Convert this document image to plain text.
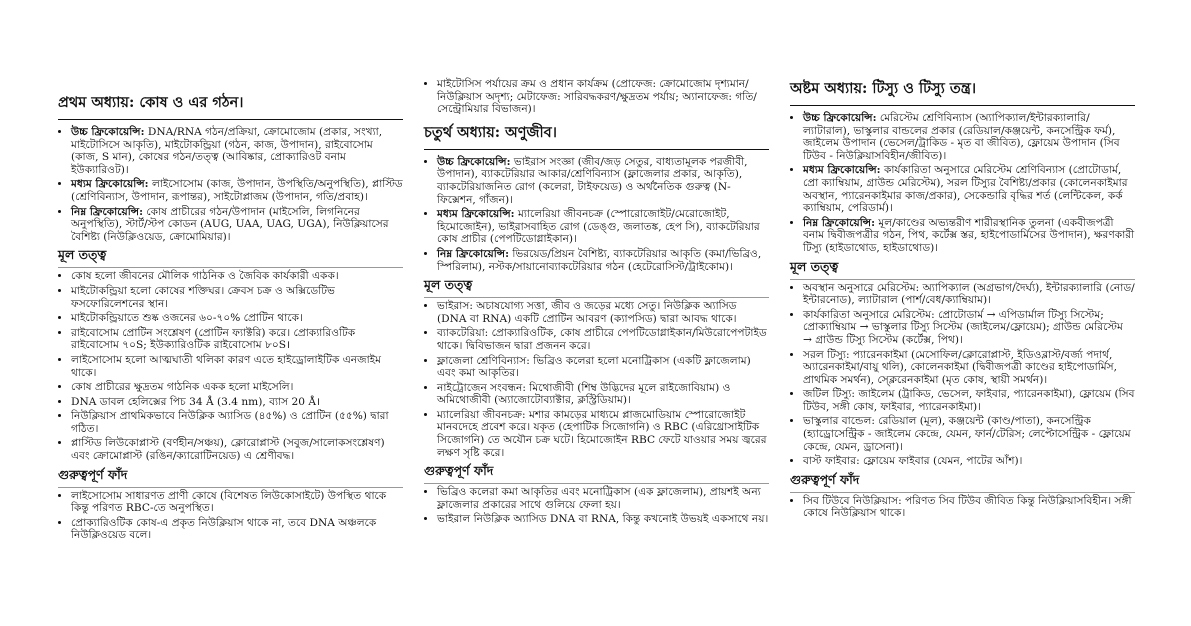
প্রথম অধ্যায়: কোষ ও এর গঠন।
• উচ্চ ফ্রিকোয়েন্সি: DNA/RNA গঠন/প্রক্রিয়া, ক্রোমোজোম (প্রকার, সংখ্যা, মাইটোসিসে আকৃতি), মাইটোকন্ড্রিয়া (গঠন, কাজ, উপাদান), রাইবোসোম (কাজ, S মান), কোষের গঠন/তত্ত্ব (আবিষ্কার, প্রোক্যারিওট বনাম ইউক্যারিওট)।
• মধ্যম ফ্রিকোয়েন্সি: লাইসোসোম (কাজ, উপাদান, উপস্থিতি/অনুপস্থিতি), প্লাস্টিড (শ্রেণিবিন্যাস, উপাদান, রূপান্তর), সাইটোপ্লাজম (উপাদান, গতি/প্রবাহ)।
• নিম্ন ফ্রিকোয়েন্সি: কোষ প্রাচীরের গঠন/উপাদান (মাইসেলি, লিগনিনের অনুপস্থিতি), স্টার্ট/স্টপ কোডন (AUG, UAA, UAG, UGA), নিউক্লিয়াসের বৈশিষ্ট্য (নিউক্লিওয়েড, ক্রোমোমিয়ার)।
মূল তত্ত্ব
• কোষ হলো জীবনের মৌলিক গাঠনিক ও জৈবিক কার্যকারী একক।
• মাইটোকন্ড্রিয়া হলো কোষের শক্তিঘর। ক্রেবস চক্র ও অক্সিডেটিভ ফসফোরিলেশনের স্থান।
• মাইটোকন্ড্রিয়াতে শুষ্ক ওজনের ৬০-৭০% প্রোটিন থাকে।
• রাইবোসোম প্রোটিন সংশ্লেষণ (প্রোটিন ফ্যাক্টরি) করে। প্রোক্যারিওটিক রাইবোসোম ৭০S; ইউক্যারিওটিক রাইবোসোম ৮০S।
• লাইসোসোম হলো আত্মঘাতী থলিকা কারণ এতে হাইড্রোলাইটিক এনজাইম থাকে।
• কোষ প্রাচীরের ক্ষুদ্রতম গাঠনিক একক হলো মাইসেলি।
• DNA ডাবল হেলিক্সের পিচ 34 Å (3.4 nm), ব্যাস 20 Å।
• নিউক্লিয়াস প্রাথমিকভাবে নিউক্লিক অ্যাসিড (৪৫%) ও প্রোটিন (৫৫%) দ্বারা গঠিত।
• প্লাস্টিড লিউকোপ্লাস্ট (বর্ণহীন/সঞ্চয়), ক্লোরোপ্লাস্ট (সবুজ/সালোকসংশ্লেষণ) এবং ক্রোমোপ্লাস্ট (রঙিন/ক্যারোটিনয়েড) এ শ্রেণীবদ্ধ।
গুরুত্বপূর্ণ ফাঁদ
• লাইসোসোম সাধারণত প্রাণী কোষে (বিশেষত লিউকোসাইটে) উপস্থিত থাকে কিন্তু পরিণত RBC-তে অনুপস্থিত।
• প্রোক্যারিওটিক কোষ-এ প্রকৃত নিউক্লিয়াস থাকে না, তবে DNA অঞ্চলকে নিউক্লিওয়েড বলে।
• মাইটোসিস পর্যায়ের ক্রম ও প্রধান কার্যক্রম (প্রোফেজ: ক্রোমোজোম দৃশ্যমান/নিউক্লিয়াস অদৃশ্য; মেটাফেজ: সারিবদ্ধকরণ/ক্ষুদ্রতম পর্যায়; অ্যানাফেজ: গতি/সেন্ট্রোমিয়ার বিভাজন)।
চতুর্থ অধ্যায়: অণুজীব।
• উচ্চ ফ্রিকোয়েন্সি: ভাইরাস সংজ্ঞা (জীব/জড় সেতুর, বাধ্যতামূলক পরজীবী, উপাদান), ব্যাকটেরিয়ার আকার/শ্রেণিবিন্যাস (ফ্লাজেলার প্রকার, আকৃতি), ব্যাকটেরিয়াজনিত রোগ (কলেরা, টাইফয়েড) ও অর্থনৈতিক গুরুত্ব (N-ফিক্সেশন, গাঁজন)।
• মধ্যম ফ্রিকোয়েন্সি: ম্যালেরিয়া জীবনচক্র (স্পোরোজোইট/মেরোজোইট, হিমোজোইন), ভাইরাসবাহিত রোগ (ডেঙ্গু, জলাতঙ্ক, হেপ সি), ব্যাকটেরিয়ার কোষ প্রাচীর (পেপটিডোগ্লাইকান)।
• নিম্ন ফ্রিকোয়েন্সি: ভিরয়েড/প্রিয়ন বৈশিষ্ট্য, ব্যাকটেরিয়ার আকৃতি (কমা/ভিব্রিও, স্পিরিলাম), নস্টক/সায়ানোব্যাকটেরিয়ার গঠন (হেটেরোসিস্ট/ট্রাইকোম)।
মূল তত্ত্ব
• ভাইরাস: অচাষযোগ্য সত্তা, জীব ও জড়ের মধ্যে সেতু। নিউক্লিক অ্যাসিড (DNA বা RNA) একটি প্রোটিন আবরণ (ক্যাপসিড) দ্বারা আবদ্ধ থাকে।
• ব্যাকটেরিয়া: প্রোক্যারিওটিক, কোষ প্রাচীরে পেপটিডোগ্লাইকান/মিউরোপেপটাইড থাকে। দ্বিবিভাজন দ্বারা প্রজনন করে।
• ফ্লাজেলা শ্রেণিবিন্যাস: ভিব্রিও কলেরা হলো মনোট্রিকাস (একটি ফ্লাজেলাম) এবং কমা আকৃতির।
• নাইট্রোজেন সংবন্ধন: মিথোজীবী (শিম্ব উদ্ভিদের মূলে রাইজোবিয়াম) ও অমিথোজীবী (অ্যাজোটোব্যাক্টার, ক্লস্ট্রিডিয়াম)।
• ম্যালেরিয়া জীবনচক্র: মশার কামড়ের মাধ্যমে প্লাজমোডিয়াম স্পোরোজোইট মানবদেহে প্রবেশ করে। যকৃত (হেপাটিক সিজোগনি) ও RBC (এরিথ্রোসাইটিক সিজোগনি) তে অযৌন চক্র ঘটে। হিমোজোইন RBC ফেটে যাওয়ার সময় জ্বরের লক্ষণ সৃষ্টি করে।
গুরুত্বপূর্ণ ফাঁদ
• ভিব্রিও কলেরা কমা আকৃতির এবং মনোট্রিকাস (এক ফ্লাজেলাম), প্রায়শই অন্য ফ্লাজেলার প্রকারের সাথে গুলিয়ে ফেলা হয়।
• ভাইরাল নিউক্লিক অ্যাসিড DNA বা RNA, কিন্তু কখনোই উভয়ই একসাথে নয়।
অষ্টম অধ্যায়: টিস্যু ও টিস্যু তন্ত্র।
• উচ্চ ফ্রিকোয়েন্সি: মেরিস্টেম শ্রেণিবিন্যাস (অ্যাপিক্যাল/ইন্টারক্যালারি/ল্যাটারাল), ভাস্কুলার বান্ডলের প্রকার (রেডিয়াল/কঞ্জয়েন্ট, কনসেন্ট্রিক ফর্ম), জাইলেম উপাদান (ভেসেল/ট্রাকিড - মৃত বা জীবিত), ফ্লোয়েম উপাদান (সিব টিউব - নিউক্লিয়াসবিহীন/জীবিত)।
• মধ্যম ফ্রিকোয়েন্সি: কার্যকারিতা অনুসারে মেরিস্টেম শ্রেণিবিন্যাস (প্রোটোডার্ম, প্রো ক্যাম্বিয়াম, গ্রাউন্ড মেরিস্টেম), সরল টিস্যুর বৈশিষ্ট্য/প্রকার (কোলেনকাইমার অবস্থান, প্যারেনকাইমার কাজ/প্রকার), সেকেন্ডারি বৃদ্ধির শর্ত (লেন্টিকেল, কর্ক ক্যাম্বিয়াম, পেরিডার্ম)।
• নিম্ন ফ্রিকোয়েন্সি: মূল/কাণ্ডের অভ্যন্তরীণ শারীরস্থানিক তুলনা (একবীজপত্রী বনাম দ্বিবীজপত্রীর গঠন, পিথ, কর্টেক্স স্তর, হাইপোডার্মিসের উপাদান), ক্ষরণকারী টিস্যু (হাইডাথোড, হাইডাথোড)।
মূল তত্ত্ব
• অবস্থান অনুসারে মেরিস্টেম: অ্যাপিক্যাল (অগ্রভাগ/দৈর্ঘ্য), ইন্টারক্যালারি (নোড/ইন্টারনোড), ল্যাটারাল (পার্শ/বেধ/ক্যাম্বিয়াম)।
• কার্যকারিতা অনুসারে মেরিস্টেম: প্রোটোডার্ম → এপিডার্মাল টিস্যু সিস্টেম; প্রোক্যাম্বিয়াম → ভাস্কুলার টিস্যু সিস্টেম (জাইলেম/ফ্লোয়েম); গ্রাউন্ড মেরিস্টেম → গ্রাউন্ড টিস্যু সিস্টেম (কর্টেক্স, পিথ)।
• সরল টিস্যু: প্যারেনকাইমা (মেসোফিল/ক্লোরোপ্লাস্ট, ইডিওব্লাস্ট/বর্জ্য পদার্থ, অ্যারেনকাইমা/বায়ু থলি), কোলেনকাইমা (দ্বিবীজপত্রী কাণ্ডের হাইপোডার্মিস, প্রাথমিক সমর্থন), স্ক্লেরেনকাইমা (মৃত কোষ, স্থায়ী সমর্থন)।
• জটিল টিস্যু: জাইলেম (ট্রাকিড, ভেসেল, ফাইবার, প্যারেনকাইমা), ফ্লোয়েম (সিব টিউব, সঙ্গী কোষ, ফাইবার, প্যারেনকাইমা)।
• ভাস্কুলার বান্ডেল: রেডিয়াল (মূল), কঞ্জয়েন্ট (কাণ্ড/পাতা), কনসেন্ট্রিক (হ্যাড্রোসেন্ট্রিক - জাইলেম কেন্দ্রে, যেমন, ফার্ন/টেরিস; লেপ্টোসেন্ট্রিক - ফ্লোয়েম কেন্দ্রে, যেমন, ড্রাসেনা)।
• বাস্ট ফাইবার: ফ্লোয়েম ফাইবার (যেমন, পাটের আঁশ)।
গুরুত্বপূর্ণ ফাঁদ
• সিব টিউবে নিউক্লিয়াস: পরিণত সিব টিউব জীবিত কিন্তু নিউক্লিয়াসবিহীন। সঙ্গী কোষে নিউক্লিয়াস থাকে।
